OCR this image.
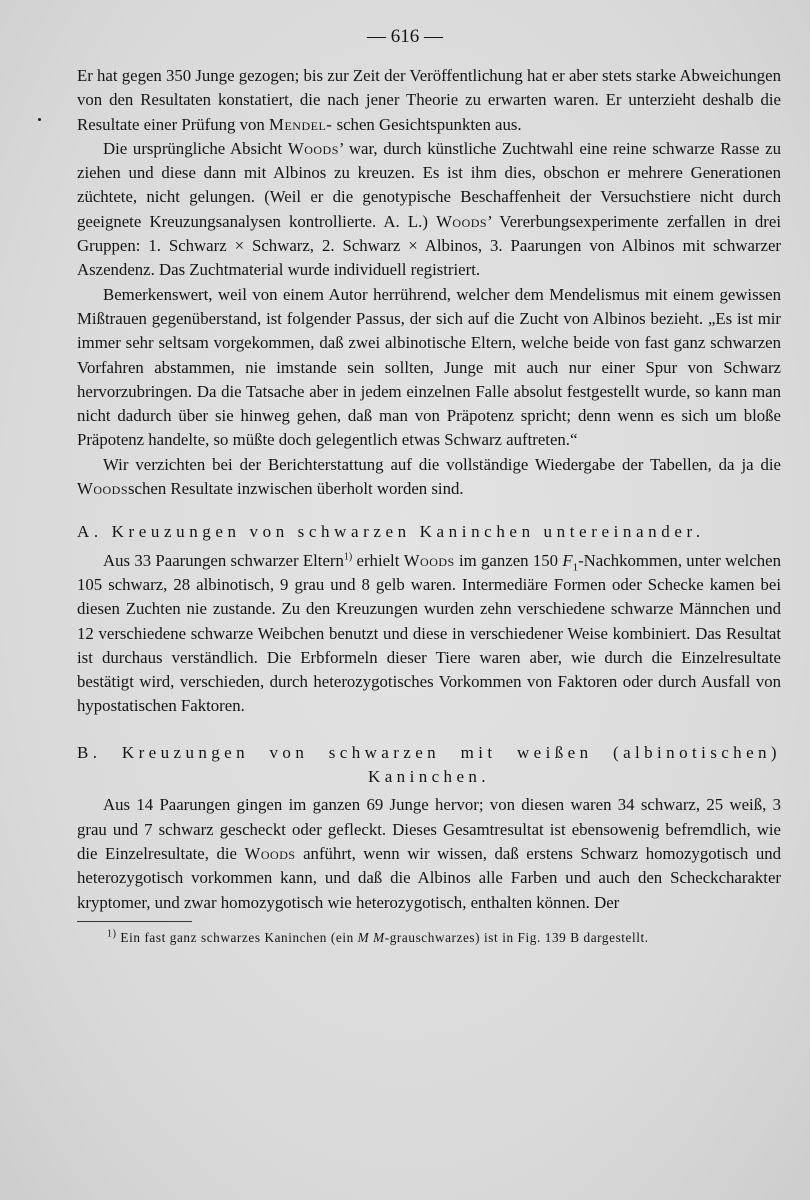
— 616 —

Er hat gegen 350 Junge gezogen; bis zur Zeit der Veröffentlichung hat er aber stets starke Abweichungen von den Resultaten konstatiert, die nach jener Theorie zu erwarten waren. Er unterzieht deshalb die Resultate einer Prüfung von Mendel- schen Gesichtspunkten aus.

Die ursprüngliche Absicht Woods’ war, durch künstliche Zuchtwahl eine reine schwarze Rasse zu ziehen und diese dann mit Albinos zu kreuzen. Es ist ihm dies, obschon er mehrere Generationen züchtete, nicht gelungen. (Weil er die genotypische Beschaffenheit der Versuchstiere nicht durch geeignete Kreuzungsanalysen kontrollierte. A. L.) Woods’ Vererbungsexperimente zerfallen in drei Gruppen: 1. Schwarz × Schwarz, 2. Schwarz × Albinos, 3. Paarungen von Albinos mit schwarzer Aszendenz. Das Zuchtmaterial wurde individuell registriert.

Bemerkenswert, weil von einem Autor herrührend, welcher dem Mendelismus mit einem gewissen Mißtrauen gegenüberstand, ist folgender Passus, der sich auf die Zucht von Albinos bezieht. „Es ist mir immer sehr seltsam vorgekommen, daß zwei albinotische Eltern, welche beide von fast ganz schwarzen Vorfahren abstammen, nie imstande sein sollten, Junge mit auch nur einer Spur von Schwarz hervorzubringen. Da die Tatsache aber in jedem einzelnen Falle absolut festgestellt wurde, so kann man nicht dadurch über sie hinweg gehen, daß man von Präpotenz spricht; denn wenn es sich um bloße Präpotenz handelte, so müßte doch gelegentlich etwas Schwarz auftreten.“

Wir verzichten bei der Berichterstattung auf die vollständige Wiedergabe der Tabellen, da ja die Woodsschen Resultate inzwischen überholt worden sind.

A. Kreuzungen von schwarzen Kaninchen untereinander.

Aus 33 Paarungen schwarzer Eltern$^{1)}$ erhielt Woods im ganzen 150 $F_1$-Nachkommen, unter welchen 105 schwarz, 28 albinotisch, 9 grau und 8 gelb waren. Intermediäre Formen oder Schecke kamen bei diesen Zuchten nie zustande. Zu den Kreuzungen wurden zehn verschiedene schwarze Männchen und 12 verschiedene schwarze Weibchen benutzt und diese in verschiedener Weise kombiniert. Das Resultat ist durchaus verständlich. Die Erbformeln dieser Tiere waren aber, wie durch die Einzelresultate bestätigt wird, verschieden, durch heterozygotisches Vorkommen von Faktoren oder durch Ausfall von hypostatischen Faktoren.

B. Kreuzungen von schwarzen mit weißen (albinotischen)
Kaninchen.

Aus 14 Paarungen gingen im ganzen 69 Junge hervor; von diesen waren 34 schwarz, 25 weiß, 3 grau und 7 schwarz gescheckt oder gefleckt. Dieses Gesamtresultat ist ebensowenig befremdlich, wie die Einzelresultate, die Woods anführt, wenn wir wissen, daß erstens Schwarz homozygotisch und heterozygotisch vorkommen kann, und daß die Albinos alle Farben und auch den Scheckcharakter kryptomer, und zwar homozygotisch wie heterozygotisch, enthalten können. Der

$^{1)}$ Ein fast ganz schwarzes Kaninchen (ein M M-grauschwarzes) ist in Fig. 139 B dargestellt.
